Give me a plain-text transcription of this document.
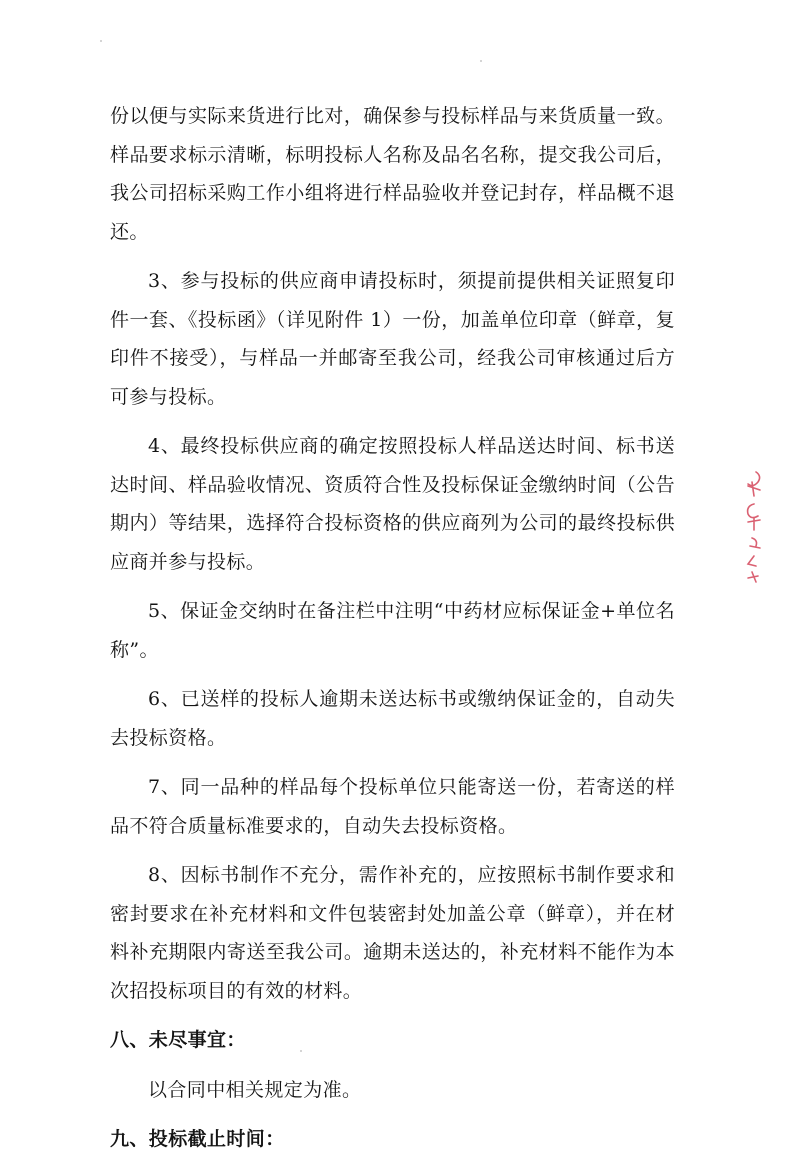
份以便与实际来货进行比对，确保参与投标样品与来货质量一致。样品要求标示清晰，标明投标人名称及品名名称，提交我公司后，我公司招标采购工作小组将进行样品验收并登记封存，样品概不退还。

3、参与投标的供应商申请投标时，须提前提供相关证照复印件一套、《投标函》（详见附件 1）一份，加盖单位印章（鲜章，复印件不接受），与样品一并邮寄至我公司，经我公司审核通过后方可参与投标。

4、最终投标供应商的确定按照投标人样品送达时间、标书送达时间、样品验收情况、资质符合性及投标保证金缴纳时间（公告期内）等结果，选择符合投标资格的供应商列为公司的最终投标供应商并参与投标。

5、保证金交纳时在备注栏中注明“中药材应标保证金+单位名称”。

6、已送样的投标人逾期未送达标书或缴纳保证金的，自动失去投标资格。

7、同一品种的样品每个投标单位只能寄送一份，若寄送的样品不符合质量标准要求的，自动失去投标资格。

8、因标书制作不充分，需作补充的，应按照标书制作要求和密封要求在补充材料和文件包装密封处加盖公章（鲜章），并在材料补充期限内寄送至我公司。逾期未送达的，补充材料不能作为本次招投标项目的有效的材料。

八、未尽事宜：

以合同中相关规定为准。

九、投标截止时间：
